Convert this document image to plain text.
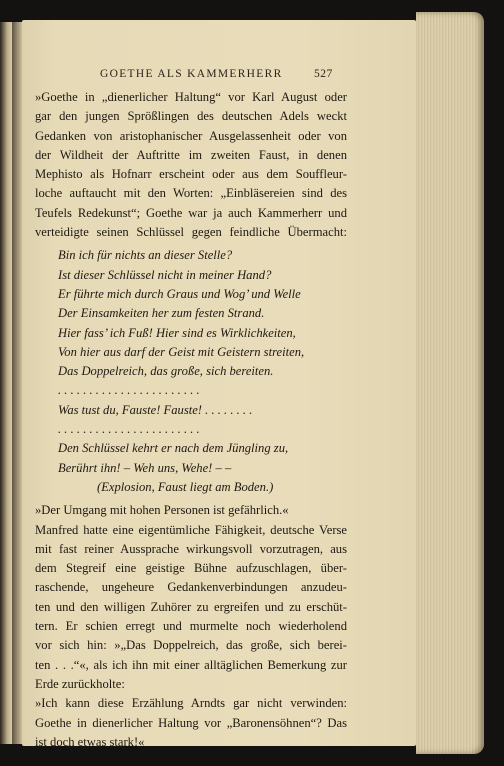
GOETHE ALS KAMMERHERR	527
»Goethe in „dienerlicher Haltung“ vor Karl August oder
gar den jungen Sprößlingen des deutschen Adels weckt
Gedanken von aristophanischer Ausgelassenheit oder von
der Wildheit der Auftritte im zweiten Faust, in denen
Mephisto als Hofnarr erscheint oder aus dem Souffleur-
loche auftaucht mit den Worten: „Einbläsereien sind des
Teufels Redekunst“; Goethe war ja auch Kammerherr und
verteidigte seinen Schlüssel gegen feindliche Übermacht:
Bin ich für nichts an dieser Stelle?
Ist dieser Schlüssel nicht in meiner Hand?
Er führte mich durch Graus und Wog’ und Welle
Der Einsamkeiten her zum festen Strand.
Hier fass’ ich Fuß! Hier sind es Wirklichkeiten,
Von hier aus darf der Geist mit Geistern streiten,
Das Doppelreich, das große, sich bereiten.
. . . . . . . . . . . . . . . . . . . . . . .
Was tust du, Fauste! Fauste! . . . . . . . .
. . . . . . . . . . . . . . . . . . . . . . .
Den Schlüssel kehrt er nach dem Jüngling zu,
Berührt ihn! – Weh uns, Wehe! – –
(Explosion, Faust liegt am Boden.)
»Der Umgang mit hohen Personen ist gefährlich.«
Manfred hatte eine eigentümliche Fähigkeit, deutsche Verse
mit fast reiner Aussprache wirkungsvoll vorzutragen, aus
dem Stegreif eine geistige Bühne aufzuschlagen, über-
raschende, ungeheure Gedankenverbindungen anzudeu-
ten und den willigen Zuhörer zu ergreifen und zu erschüt-
tern. Er schien erregt und murmelte noch wiederholend
vor sich hin: »„Das Doppelreich, das große, sich berei-
ten . . .“«, als ich ihn mit einer alltäglichen Bemerkung zur
Erde zurückholte:
»Ich kann diese Erzählung Arndts gar nicht verwinden:
Goethe in dienerlicher Haltung vor „Baronensöhnen“? Das
ist doch etwas stark!«
